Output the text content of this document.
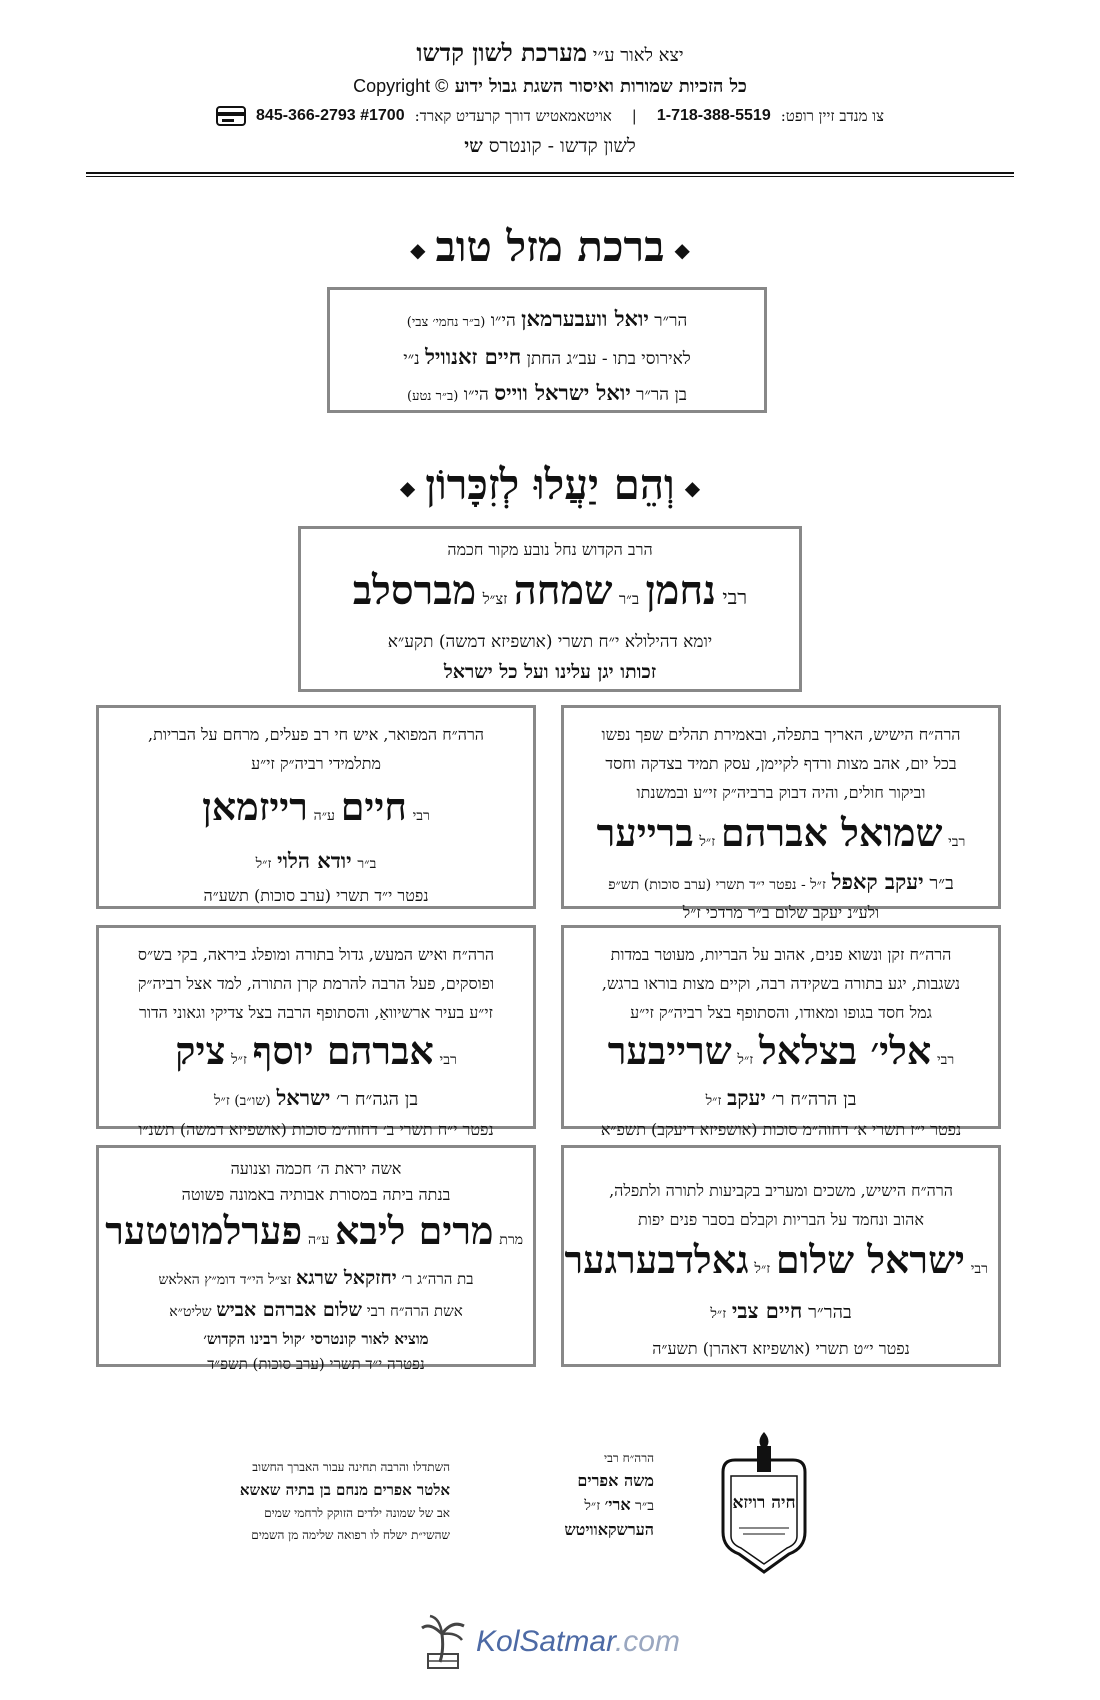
יצא לאור ע״י מערכת לשון קדשו
כל הזכיות שמורות ואיסור השגת גבול ידוע Copyright ©
צו מנדב זיין רופט:
1-718-388-5519
|
אויטאמאטיש דורך קרעדיט קארד:
845-366-2793 #1700
לשון קדשו - קונטרס שי
◆ברכת מזל טוב◆
הר״ר יואל וועבערמאן הי״ו (ב״ר נחמי׳ צבי)
לאירוסי בתו - עב״ג החתן חיים זאנוויל נ״י
בן הר״ר יואל ישראל ווייס הי״ו (ב״ר נטע)
◆וְהֵם יַעֲלוּ לְזִכָּרוֹן◆
הרב הקדוש נחל נובע מקור חכמה
רבי נחמן ב״ר שמחה זצ״ל מברסלב
יומא דהילולא י״ח תשרי (אושפיזא דמשה) תקע״א
זכותו יגן עלינו ועל כל ישראל
הרה״ח הישיש, האריך בתפלה, ובאמירת תהלים שפך נפשו
בכל יום, אהב מצות ורדף לקיימן, עסק תמיד בצדקה וחסד
וביקור חולים, והיה דבוק ברביה״ק זי״ע ובמשנתו
רבי שמואל אברהם ז״ל ברייער
ב״ר יעקב קאפל ז״ל - נפטר י״ד תשרי (ערב סוכות) תש״פ
ולע״נ יעקב שלום ב״ר מרדכי ז״ל
הרה״ח המפואר, איש חי רב פעלים, מרחם על הבריות,
מתלמידי רביה״ק זי״ע
רבי חיים ע״ה רייזמאן
ב״ר יודא הלוי ז״ל
נפטר י״ד תשרי (ערב סוכות) תשע״ה
הרה״ח זקן ונשוא פנים, אהוב על הבריות, מעוטר במדות
נשגבות, יגע בתורה בשקידה רבה, וקיים מצות בוראו ברגש,
גמל חסד בגופו ומאודו, והסתופף בצל רביה״ק זי״ע
רבי אלי׳ בצלאל ז״ל שרייבער
בן הרה״ח ר׳ יעקב ז״ל
נפטר י״ז תשרי א׳ דחוה״מ סוכות (אושפיזא דיעקב) תשפ״א
הרה״ח ואיש המעש, גדול בתורה ומופלג ביראה, בקי בש״ס
ופוסקים, פעל הרבה להרמת קרן התורה, למד אצל רביה״ק
זי״ע בעיר ארשיוואַ, והסתופף הרבה בצל צדיקי וגאוני הדור
רבי אברהם יוסף ז״ל ציק
בן הגה״ח ר׳ ישראל (שו״ב) ז״ל
נפטר י״ח תשרי ב׳ דחוה״מ סוכות (אושפיזא דמשה) תשנ״ו
הרה״ח הישיש, משכים ומעריב בקביעות לתורה ולתפלה,
אהוב ונחמד על הבריות וקבלם בסבר פנים יפות
רבי ישראל שלום ז״ל גאלדבערגער
בהר״ר חיים צבי ז״ל
נפטר י״ט תשרי (אושפיזא דאהרן) תשע״ה
אשה יראת ה׳ חכמה וצנועה
בנתה ביתה במסורת אבותיה באמונה פשוטה
מרת מרים ליבא ע״ה פערלמוטטער
בת הרה״ג ר׳ יחזקאל שרגא זצ״ל הי״ד דומ״ץ האלאש
אשת הרה״ח רבי שלום אברהם אביש שליט״א
מוציא לאור קונטרסי ׳קול רבינו הקדוש׳
נפטרה י״ד תשרי (ערב סוכות) תשפ״ד
חיה רויזא
הרה״ח רבי
משה אפרים
ב״ר ארי׳ ז״ל
הערשקאוויטש
השתדלו והרבה תחינה עבור האברך החשוב
אלטר אפרים מנחם בן בתיה שאשא
אב של שמונה ילדים הזוקק לרחמי שמים
שהשי״ת ישלח לו רפואה שלימה מן השמים
KolSatmar.com
